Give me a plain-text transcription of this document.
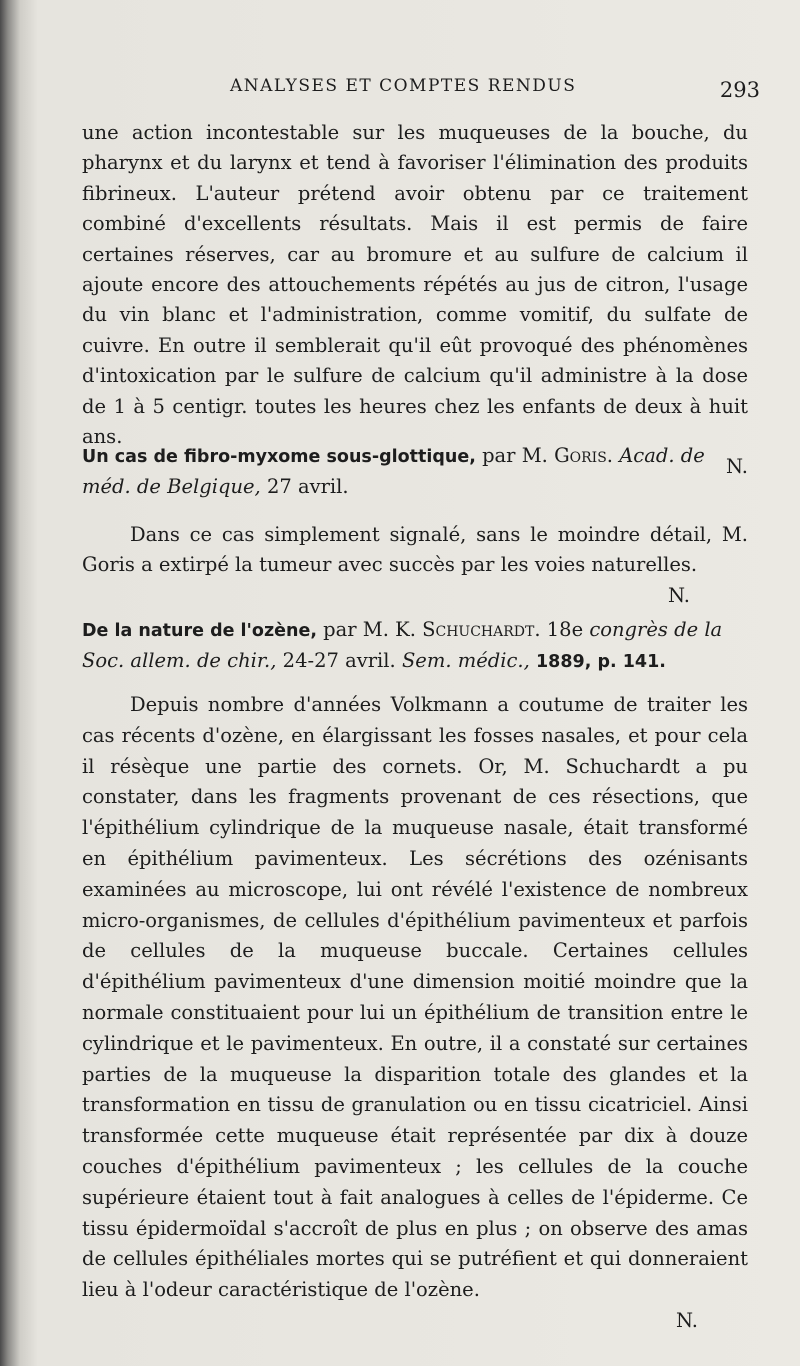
ANALYSES ET COMPTES RENDUS	293

une action incontestable sur les muqueuses de la bouche, du pharynx et du larynx et tend à favoriser l'élimination des produits fibrineux. L'auteur prétend avoir obtenu par ce traitement combiné d'excellents résultats. Mais il est permis de faire certaines réserves, car au bromure et au sulfure de calcium il ajoute encore des attouchements répétés au jus de citron, l'usage du vin blanc et l'administration, comme vomitif, du sulfate de cuivre. En outre il semblerait qu'il eût provoqué des phénomènes d'intoxication par le sulfure de calcium qu'il administre à la dose de 1 à 5 centigr. toutes les heures chez les enfants de deux à huit ans.
N.

Un cas de fibro-myxome sous-glottique, par M. Goris. Acad. de méd. de Belgique, 27 avril.

Dans ce cas simplement signalé, sans le moindre détail, M. Goris a extirpé la tumeur avec succès par les voies naturelles.
N.

De la nature de l'ozène, par M. K. Schuchardt. 18e congrès de la Soc. allem. de chir., 24-27 avril. Sem. médic., 1889, p. 141.

Depuis nombre d'années Volkmann a coutume de traiter les cas récents d'ozène, en élargissant les fosses nasales, et pour cela il résèque une partie des cornets. Or, M. Schuchardt a pu constater, dans les fragments provenant de ces résections, que l'épithélium cylindrique de la muqueuse nasale, était transformé en épithélium pavimenteux. Les sécrétions des ozénisants examinées au microscope, lui ont révélé l'existence de nombreux micro-organismes, de cellules d'épithélium pavimenteux et parfois de cellules de la muqueuse buccale. Certaines cellules d'épithélium pavimenteux d'une dimension moitié moindre que la normale constituaient pour lui un épithélium de transition entre le cylindrique et le pavimenteux. En outre, il a constaté sur certaines parties de la muqueuse la disparition totale des glandes et la transformation en tissu de granulation ou en tissu cicatriciel. Ainsi transformée cette muqueuse était représentée par dix à douze couches d'épithélium pavimenteux ; les cellules de la couche supérieure étaient tout à fait analogues à celles de l'épiderme. Ce tissu épidermoïdal s'accroît de plus en plus ; on observe des amas de cellules épithéliales mortes qui se putréfient et qui donneraient lieu à l'odeur caractéristique de l'ozène.
N.
